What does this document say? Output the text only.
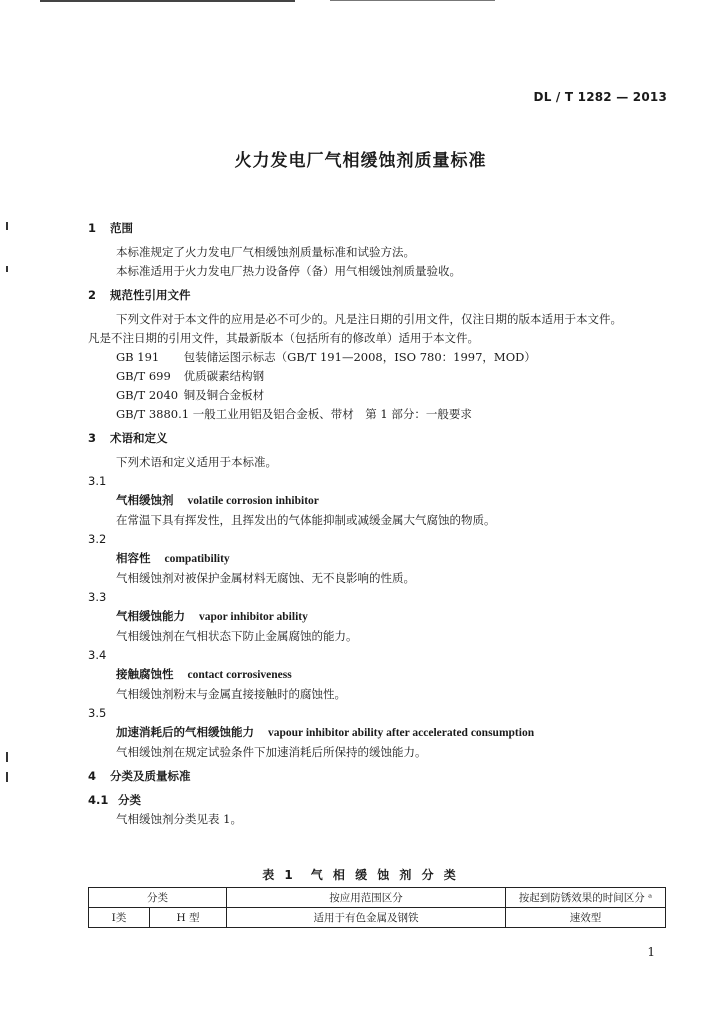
DL / T 1282 — 2013
火力发电厂气相缓蚀剂质量标准
1 范围
本标准规定了火力发电厂气相缓蚀剂质量标准和试验方法。
本标准适用于火力发电厂热力设备停（备）用气相缓蚀剂质量验收。
2 规范性引用文件
下列文件对于本文件的应用是必不可少的。凡是注日期的引用文件，仅注日期的版本适用于本文件。
凡是不注日期的引用文件，其最新版本（包括所有的修改单）适用于本文件。
GB 191 包装储运图示标志（GB/T 191—2008，ISO 780：1997，MOD）
GB/T 699 优质碳素结构钢
GB/T 2040 铜及铜合金板材
GB/T 3880.1 一般工业用铝及铝合金板、带材　第 1 部分：一般要求
3 术语和定义
下列术语和定义适用于本标准。
3.1
气相缓蚀剂 volatile corrosion inhibitor
在常温下具有挥发性，且挥发出的气体能抑制或减缓金属大气腐蚀的物质。
3.2
相容性 compatibility
气相缓蚀剂对被保护金属材料无腐蚀、无不良影响的性质。
3.3
气相缓蚀能力 vapor inhibitor ability
气相缓蚀剂在气相状态下防止金属腐蚀的能力。
3.4
接触腐蚀性 contact corrosiveness
气相缓蚀剂粉末与金属直接接触时的腐蚀性。
3.5
加速消耗后的气相缓蚀能力 vapour inhibitor ability after accelerated consumption
气相缓蚀剂在规定试验条件下加速消耗后所保持的缓蚀能力。
4 分类及质量标准
4.1 分类
气相缓蚀剂分类见表 1。
表 1　气 相 缓 蚀 剂 分 类
分类		按应用范围区分	按起到防锈效果的时间区分 ᵃ
Ⅰ类	H 型	适用于有色金属及钢铁	速效型
1
